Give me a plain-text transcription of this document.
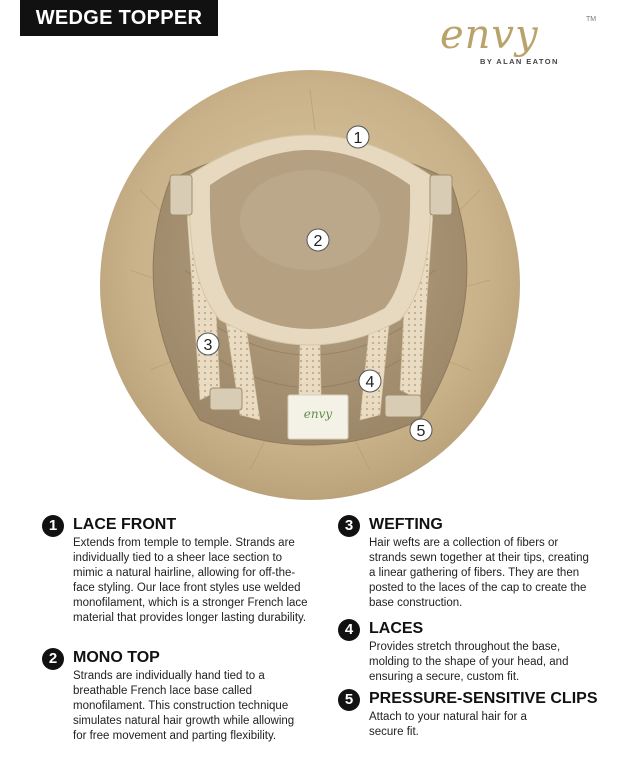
WEDGE TOPPER	envy	TM
BY ALAN EATON
envy
1
2
3
4
5
1 LACE FRONT
Extends from temple to temple. Strands are individually tied to a sheer lace section to mimic a natural hairline, allowing for off-the-face styling. Our lace front styles use welded monofilament, which is a stronger French lace material that provides longer lasting durability.
2 MONO TOP
Strands are individually hand tied to a breathable French lace base called monofilament. This construction technique simulates natural hair growth while allowing for free movement and parting flexibility.
3 WEFTING
Hair wefts are a collection of fibers or strands sewn together at their tips, creating a linear gathering of fibers. They are then posted to the laces of the cap to create the base construction.
4 LACES
Provides stretch throughout the base, molding to the shape of your head, and ensuring a secure, custom fit.
5 PRESSURE-SENSITIVE CLIPS
Attach to your natural hair for a secure fit.
